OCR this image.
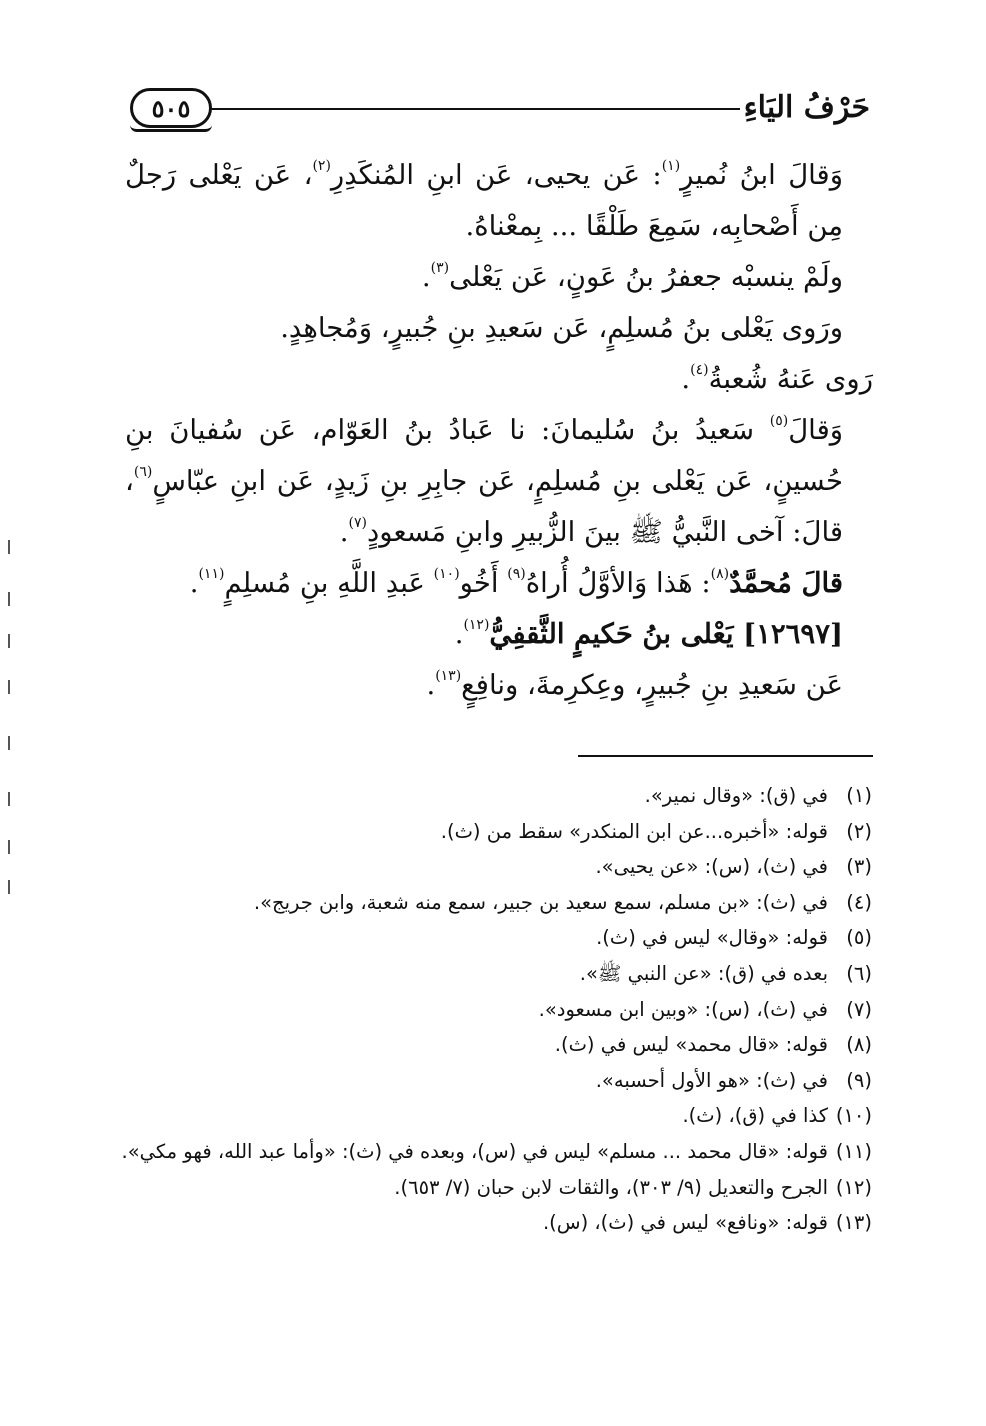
٥٠٥	حَرْفُ اليَاءِ

وَقالَ ابنُ نُميرٍ$^{(١)}$: عَن يحيى، عَن ابنِ المُنكَدِرِ$^{(٢)}$، عَن يَعْلى رَجلٌ مِن أَصْحابِه، سَمِعَ طَلْقًا ... بِمعْناهُ.

ولَمْ ينسبْه جعفرُ بنُ عَونٍ، عَن يَعْلى$^{(٣)}$.

ورَوى يَعْلى بنُ مُسلِمٍ، عَن سَعيدِ بنِ جُبيرٍ، وَمُجاهِدٍ.

رَوى عَنهُ شُعبةُ$^{(٤)}$.

وَقالَ$^{(٥)}$ سَعيدُ بنُ سُليمانَ: نا عَبادُ بنُ العَوّام، عَن سُفيانَ بنِ حُسينٍ، عَن يَعْلى بنِ مُسلِمٍ، عَن جابِرِ بنِ زَيدٍ، عَن ابنِ عبّاسٍ$^{(٦)}$، قالَ: آخى النَّبيُّ ﷺ بينَ الزُّبيرِ وابنِ مَسعودٍ$^{(٧)}$.

قالَ مُحمَّدٌ$^{(٨)}$: هَذا وَالأوَّلُ أُراهُ$^{(٩)}$ أَخُو$^{(١٠)}$ عَبدِ اللَّهِ بنِ مُسلِمٍ$^{(١١)}$.

[١٢٦٩٧] يَعْلى بنُ حَكيمٍ الثَّقفِيُّ$^{(١٢)}$.

عَن سَعيدِ بنِ جُبيرٍ، وعِكرِمةَ، ونافِعٍ$^{(١٣)}$.

(١)في (ق): «وقال نمير».
(٢)قوله: «أخبره...عن ابن المنكدر» سقط من (ث).
(٣)في (ث)، (س): «عن يحيى».
(٤)في (ث): «بن مسلم، سمع سعيد بن جبير، سمع منه شعبة، وابن جريج».
(٥)قوله: «وقال» ليس في (ث).
(٦)بعده في (ق): «عن النبي ﷺ».
(٧)في (ث)، (س): «وبين ابن مسعود».
(٨)قوله: «قال محمد» ليس في (ث).
(٩)في (ث): «هو الأول أحسبه».
(١٠)كذا في (ق)، (ث).
(١١)قوله: «قال محمد ... مسلم» ليس في (س)، وبعده في (ث): «وأما عبد الله، فهو مكي».
(١٢)الجرح والتعديل (٩/ ٣٠٣)، والثقات لابن حبان (٧/ ٦٥٣).
(١٣)قوله: «ونافع» ليس في (ث)، (س).
